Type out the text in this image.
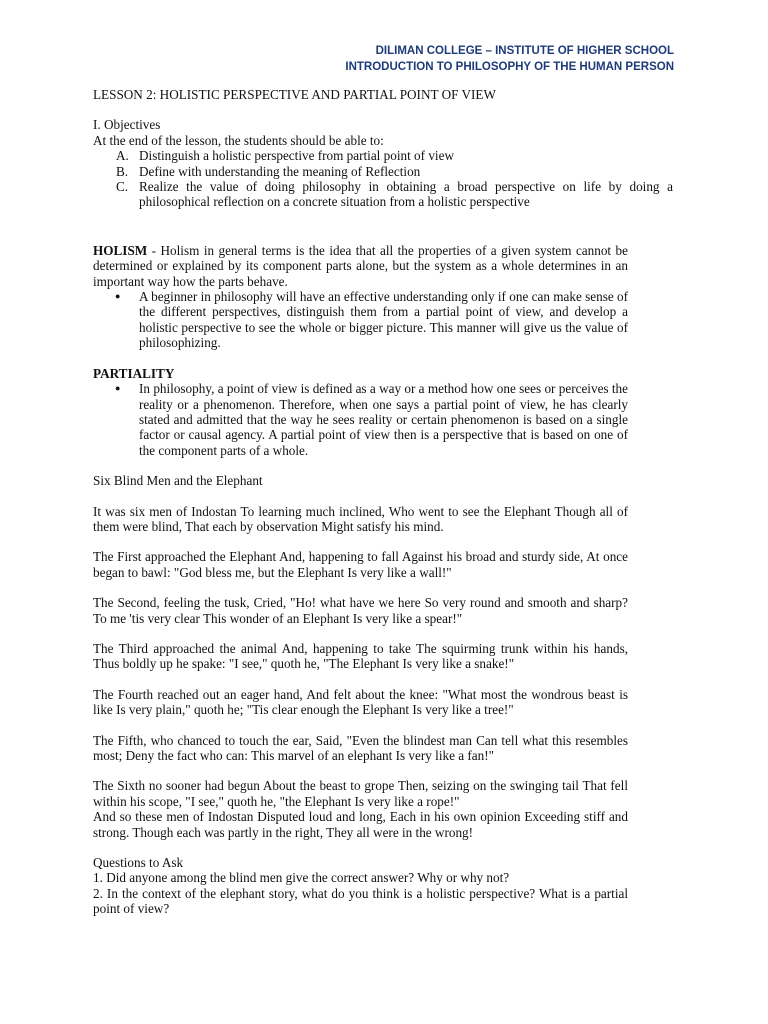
DILIMAN COLLEGE – INSTITUTE OF HIGHER SCHOOL
INTRODUCTION TO PHILOSOPHY OF THE HUMAN PERSON

LESSON 2: HOLISTIC PERSPECTIVE AND PARTIAL POINT OF VIEW

I. Objectives

At the end of the lesson, the students should be able to:

A. Distinguish a holistic perspective from partial point of view
B. Define with understanding the meaning of Reflection
C. Realize the value of doing philosophy in obtaining a broad perspective on life by doing a philosophical reflection on a concrete situation from a holistic perspective

HOLISM - Holism in general terms is the idea that all the properties of a given system cannot be determined or explained by its component parts alone, but the system as a whole determines in an important way how the parts behave.

● A beginner in philosophy will have an effective understanding only if one can make sense of the different perspectives, distinguish them from a partial point of view, and develop a holistic perspective to see the whole or bigger picture. This manner will give us the value of philosophizing.

PARTIALITY

● In philosophy, a point of view is defined as a way or a method how one sees or perceives the reality or a phenomenon. Therefore, when one says a partial point of view, he has clearly stated and admitted that the way he sees reality or certain phenomenon is based on a single factor or causal agency. A partial point of view then is a perspective that is based on one of the component parts of a whole.

Six Blind Men and the Elephant

It was six men of Indostan To learning much inclined, Who went to see the Elephant Though all of them were blind, That each by observation Might satisfy his mind.

The First approached the Elephant And, happening to fall Against his broad and sturdy side, At once began to bawl: "God bless me, but the Elephant Is very like a wall!"

The Second, feeling the tusk, Cried, "Ho! what have we here So very round and smooth and sharp? To me 'tis very clear This wonder of an Elephant Is very like a spear!"

The Third approached the animal And, happening to take The squirming trunk within his hands, Thus boldly up he spake: "I see," quoth he, "The Elephant Is very like a snake!"

The Fourth reached out an eager hand, And felt about the knee: "What most the wondrous beast is like Is very plain," quoth he; "Tis clear enough the Elephant Is very like a tree!"

The Fifth, who chanced to touch the ear, Said, "Even the blindest man Can tell what this resembles most; Deny the fact who can: This marvel of an elephant Is very like a fan!"

The Sixth no sooner had begun About the beast to grope Then, seizing on the swinging tail That fell within his scope, "I see," quoth he, "the Elephant Is very like a rope!"

And so these men of Indostan Disputed loud and long, Each in his own opinion Exceeding stiff and strong. Though each was partly in the right, They all were in the wrong!

Questions to Ask

1. Did anyone among the blind men give the correct answer? Why or why not?

2. In the context of the elephant story, what do you think is a holistic perspective? What is a partial point of view?
